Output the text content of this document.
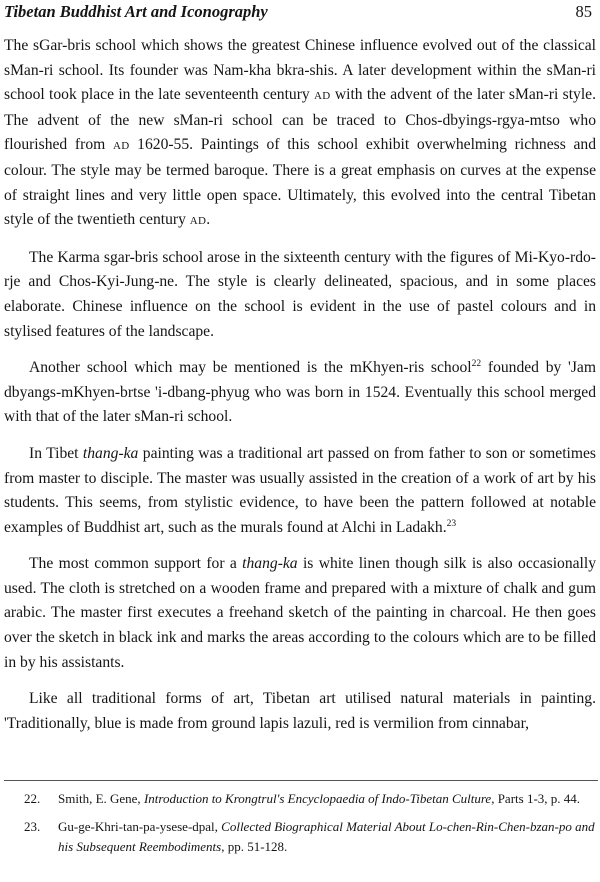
Tibetan Buddhist Art and Iconography	85

The sGar-bris school which shows the greatest Chinese influence evolved out of the classical sMan-ri school. Its founder was Nam-kha bkra-shis. A later development within the sMan-ri school took place in the late seventeenth century AD with the advent of the later sMan-ri style. The advent of the new sMan-ri school can be traced to Chos-dbyings-rgya-mtso who flourished from AD 1620-55. Paintings of this school exhibit overwhelming richness and colour. The style may be termed baroque. There is a great emphasis on curves at the expense of straight lines and very little open space. Ultimately, this evolved into the central Tibetan style of the twentieth century AD.

The Karma sgar-bris school arose in the sixteenth century with the figures of Mi-Kyo-rdo-rje and Chos-Kyi-Jung-ne. The style is clearly delineated, spacious, and in some places elaborate. Chinese influence on the school is evident in the use of pastel colours and in stylised features of the landscape.

Another school which may be mentioned is the mKhyen-ris school$^{22}$ founded by 'Jam dbyangs-mKhyen-brtse 'i-dbang-phyug who was born in 1524. Eventually this school merged with that of the later sMan-ri school.

In Tibet thang-ka painting was a traditional art passed on from father to son or sometimes from master to disciple. The master was usually assisted in the creation of a work of art by his students. This seems, from stylistic evidence, to have been the pattern followed at notable examples of Buddhist art, such as the murals found at Alchi in Ladakh.$^{23}$

The most common support for a thang-ka is white linen though silk is also occasionally used. The cloth is stretched on a wooden frame and prepared with a mixture of chalk and gum arabic. The master first executes a freehand sketch of the painting in charcoal. He then goes over the sketch in black ink and marks the areas according to the colours which are to be filled in by his assistants.

Like all traditional forms of art, Tibetan art utilised natural materials in painting. 'Traditionally, blue is made from ground lapis lazuli, red is vermilion from cinnabar,

22. Smith, E. Gene, Introduction to Krongtrul's Encyclopaedia of Indo-Tibetan Culture, Parts 1-3, p. 44.
23. Gu-ge-Khri-tan-pa-ysese-dpal, Collected Biographical Material About Lo-chen-Rin-Chen-bzan-po and his Subsequent Reembodiments, pp. 51-128.
